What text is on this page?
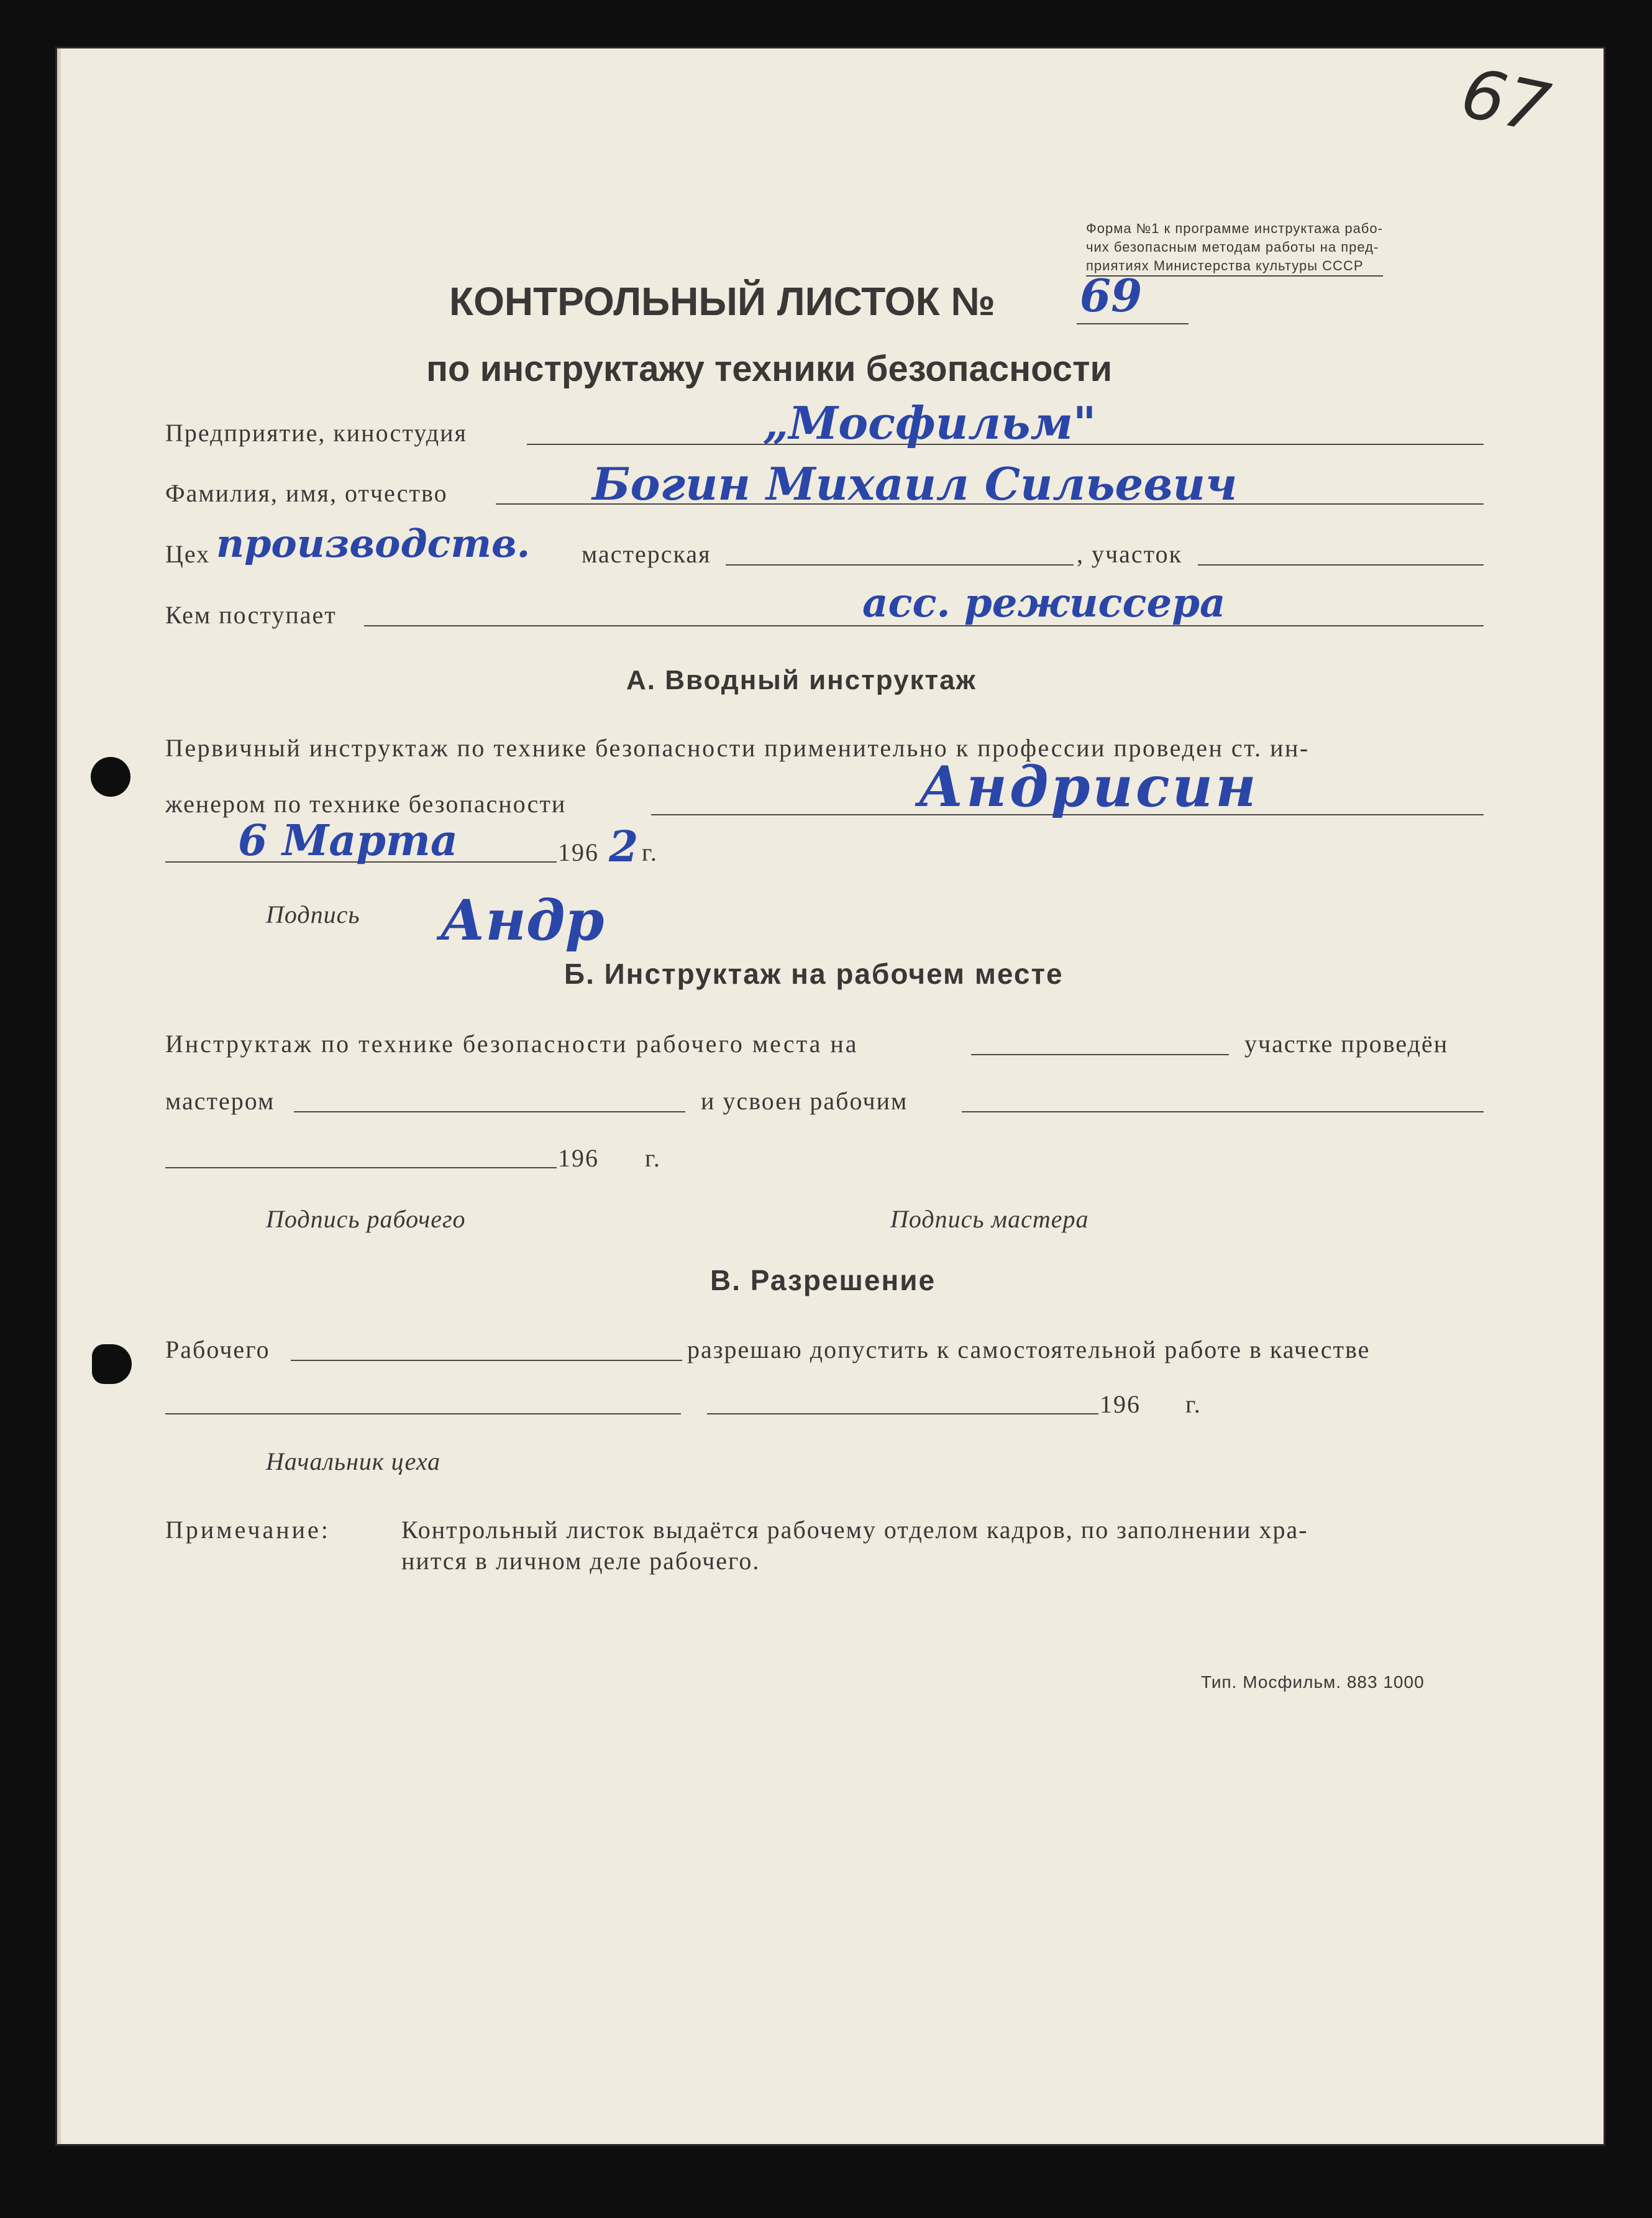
67
Форма №1 к программе инструктажа рабо-
чих безопасным методам работы на пред-
приятиях Министерства культуры СССР
КОНТРОЛЬНЫЙ ЛИСТОК № 69
по инструктажу техники безопасности
Предприятие, киностудия	„Мосфильм"
Фамилия, имя, отчество	Богин Михаил Сильевич
Цех производств. мастерская	, участок
Кем поступает	асс. режиссера
А. Вводный инструктаж
Первичный инструктаж по технике безопасности применительно к профессии проведен ст. ин-
женером по технике безопасности	Андрисин
6 Марта	196 2 г.
Подпись Андр
Б. Инструктаж на рабочем месте
Инструктаж по технике безопасности рабочего места на	участке проведён
мастером	и усвоен рабочим
196 г.
Подпись рабочего	Подпись мастера
В. Разрешение
Рабочего	разрешаю допустить к самостоятельной работе в качестве
196 г.
Начальник цеха
Примечание:	Контрольный листок выдаётся рабочему отделом кадров, по заполнении хра-
нится в личном деле рабочего.
Тип. Мосфильм. 883 1000
